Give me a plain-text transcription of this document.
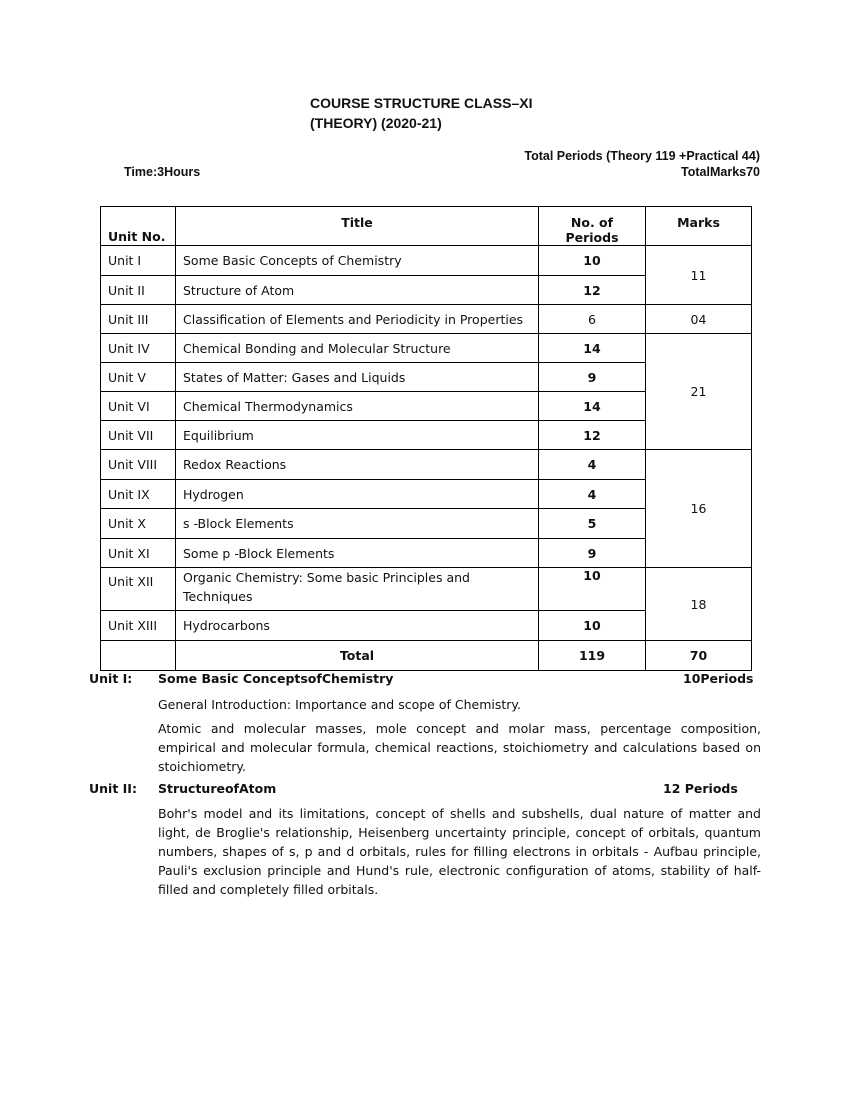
COURSE STRUCTURE CLASS–XI
(THEORY) (2020-21)
Total Periods (Theory 119 +Practical 44)
Time:3Hours	TotalMarks70
Unit No.	Title	No. of Periods	Marks
Unit I	Some Basic Concepts of Chemistry	10	11
Unit II	Structure of Atom	12	
Unit III	Classification of Elements and Periodicity in Properties	6	04
Unit IV	Chemical Bonding and Molecular Structure	14	21
Unit V	States of Matter: Gases and Liquids	9	
Unit VI	Chemical Thermodynamics	14	
Unit VII	Equilibrium	12	
Unit VIII	Redox Reactions	4	16
Unit IX	Hydrogen	4	
Unit X	s -Block Elements	5	
Unit XI	Some p -Block Elements	9	
Unit XII	Organic Chemistry: Some basic Principles and Techniques	10	18
Unit XIII	Hydrocarbons	10	
	Total	119	70
Unit I: Some Basic ConceptsofChemistry	10Periods
General Introduction: Importance and scope of Chemistry.
Atomic and molecular masses, mole concept and molar mass, percentage composition, empirical and molecular formula, chemical reactions, stoichiometry and calculations based on stoichiometry.
Unit II: StructureofAtom	12 Periods
Bohr's model and its limitations, concept of shells and subshells, dual nature of matter and light, de Broglie's relationship, Heisenberg uncertainty principle, concept of orbitals, quantum numbers, shapes of s, p and d orbitals, rules for filling electrons in orbitals - Aufbau principle, Pauli's exclusion principle and Hund's rule, electronic configuration of atoms, stability of half-filled and completely filled orbitals.
